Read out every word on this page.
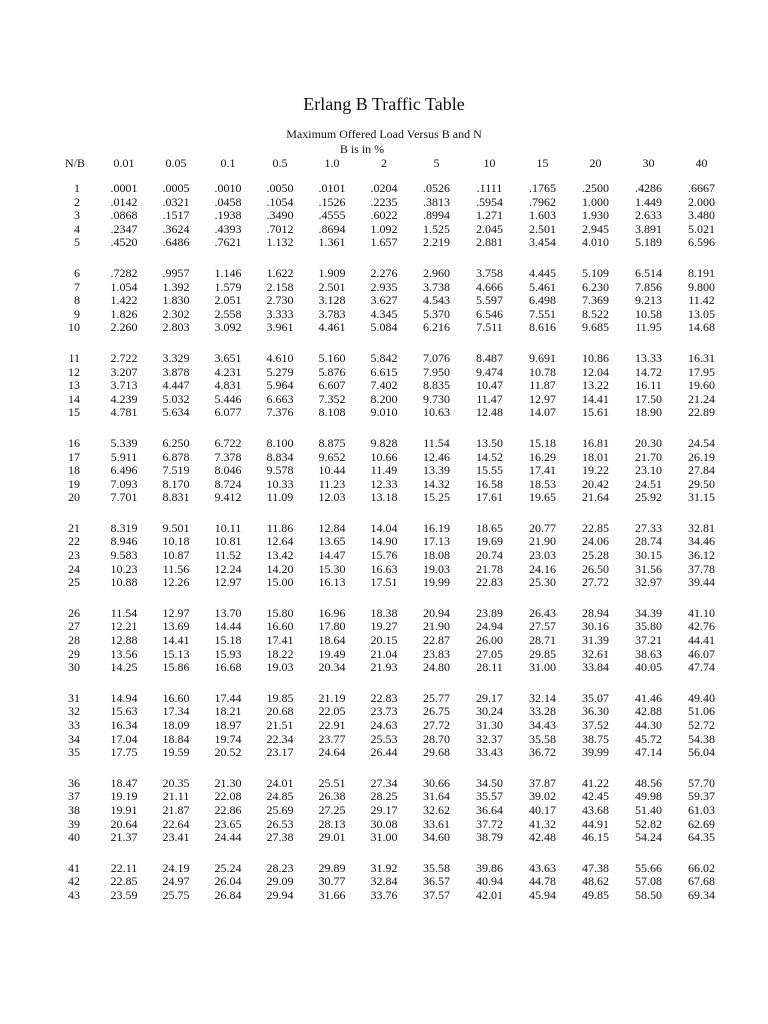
Erlang B Traffic Table
Maximum Offered Load Versus B and N
B is in %
N/B	0.01	0.05	0.1	0.5	1.0	2	5	10	15	20	30	40

1	.0001	.0005	.0010	.0050	.0101	.0204	.0526	.1111	.1765	.2500	.4286	.6667
2	.0142	.0321	.0458	.1054	.1526	.2235	.3813	.5954	.7962	1.000	1.449	2.000
3	.0868	.1517	.1938	.3490	.4555	.6022	.8994	1.271	1.603	1.930	2.633	3.480
4	.2347	.3624	.4393	.7012	.8694	1.092	1.525	2.045	2.501	2.945	3.891	5.021
5	.4520	.6486	.7621	1.132	1.361	1.657	2.219	2.881	3.454	4.010	5.189	6.596

6	.7282	.9957	1.146	1.622	1.909	2.276	2.960	3.758	4.445	5.109	6.514	8.191
7	1.054	1.392	1.579	2.158	2.501	2.935	3.738	4.666	5.461	6.230	7.856	9.800
8	1.422	1.830	2.051	2.730	3.128	3.627	4.543	5.597	6.498	7.369	9.213	11.42
9	1.826	2.302	2.558	3.333	3.783	4.345	5.370	6.546	7.551	8.522	10.58	13.05
10	2.260	2.803	3.092	3.961	4.461	5.084	6.216	7.511	8.616	9.685	11.95	14.68

11	2.722	3.329	3.651	4.610	5.160	5.842	7.076	8.487	9.691	10.86	13.33	16.31
12	3.207	3.878	4.231	5.279	5.876	6.615	7.950	9.474	10.78	12.04	14.72	17.95
13	3.713	4.447	4.831	5.964	6.607	7.402	8.835	10.47	11.87	13.22	16.11	19.60
14	4.239	5.032	5.446	6.663	7.352	8.200	9.730	11.47	12.97	14.41	17.50	21.24
15	4.781	5.634	6.077	7.376	8.108	9.010	10.63	12.48	14.07	15.61	18.90	22.89

16	5.339	6.250	6.722	8.100	8.875	9.828	11.54	13.50	15.18	16.81	20.30	24.54
17	5.911	6.878	7.378	8.834	9.652	10.66	12.46	14.52	16.29	18.01	21.70	26.19
18	6.496	7.519	8.046	9.578	10.44	11.49	13.39	15.55	17.41	19.22	23.10	27.84
19	7.093	8.170	8.724	10.33	11.23	12.33	14.32	16.58	18.53	20.42	24.51	29.50
20	7.701	8.831	9.412	11.09	12.03	13.18	15.25	17.61	19.65	21.64	25.92	31.15

21	8.319	9.501	10.11	11.86	12.84	14.04	16.19	18.65	20.77	22.85	27.33	32.81
22	8.946	10.18	10.81	12.64	13.65	14.90	17.13	19.69	21.90	24.06	28.74	34.46
23	9.583	10.87	11.52	13.42	14.47	15.76	18.08	20.74	23.03	25.28	30.15	36.12
24	10.23	11.56	12.24	14.20	15.30	16.63	19.03	21.78	24.16	26.50	31.56	37.78
25	10.88	12.26	12.97	15.00	16.13	17.51	19.99	22.83	25.30	27.72	32.97	39.44

26	11.54	12.97	13.70	15.80	16.96	18.38	20.94	23.89	26.43	28.94	34.39	41.10
27	12.21	13.69	14.44	16.60	17.80	19.27	21.90	24.94	27.57	30.16	35.80	42.76
28	12.88	14.41	15.18	17.41	18.64	20.15	22.87	26.00	28.71	31.39	37.21	44.41
29	13.56	15.13	15.93	18.22	19.49	21.04	23.83	27.05	29.85	32.61	38.63	46.07
30	14.25	15.86	16.68	19.03	20.34	21.93	24.80	28.11	31.00	33.84	40.05	47.74

31	14.94	16.60	17.44	19.85	21.19	22.83	25.77	29.17	32.14	35.07	41.46	49.40
32	15.63	17.34	18.21	20.68	22.05	23.73	26.75	30.24	33.28	36.30	42.88	51.06
33	16.34	18.09	18.97	21.51	22.91	24.63	27.72	31.30	34.43	37.52	44.30	52.72
34	17.04	18.84	19.74	22.34	23.77	25.53	28.70	32.37	35.58	38.75	45.72	54.38
35	17.75	19.59	20.52	23.17	24.64	26.44	29.68	33.43	36.72	39.99	47.14	56.04

36	18.47	20.35	21.30	24.01	25.51	27.34	30.66	34.50	37.87	41.22	48.56	57.70
37	19.19	21.11	22.08	24.85	26.38	28.25	31.64	35.57	39.02	42.45	49.98	59.37
38	19.91	21.87	22.86	25.69	27.25	29.17	32.62	36.64	40.17	43.68	51.40	61.03
39	20.64	22.64	23.65	26.53	28.13	30.08	33.61	37.72	41.32	44.91	52.82	62.69
40	21.37	23.41	24.44	27.38	29.01	31.00	34.60	38.79	42.48	46.15	54.24	64.35

41	22.11	24.19	25.24	28.23	29.89	31.92	35.58	39.86	43.63	47.38	55.66	66.02
42	22.85	24.97	26.04	29.09	30.77	32.84	36.57	40.94	44.78	48.62	57.08	67.68
43	23.59	25.75	26.84	29.94	31.66	33.76	37.57	42.01	45.94	49.85	58.50	69.34
